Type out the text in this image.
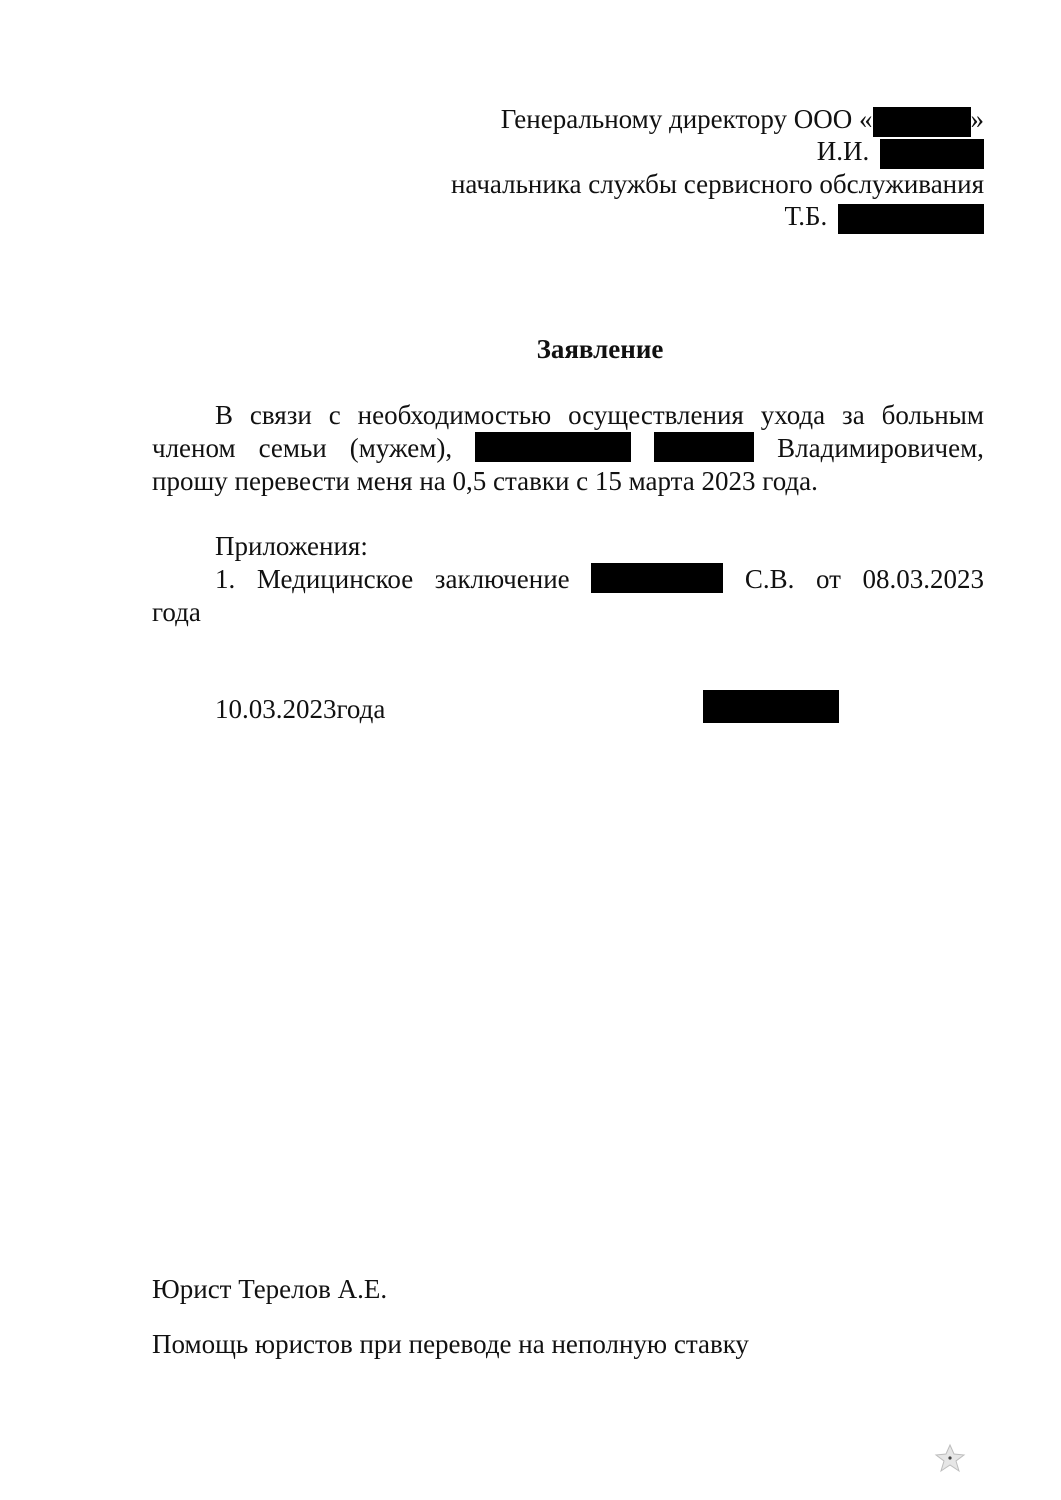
Генеральному директору ООО «	»
И.И.
начальника службы сервисного обслуживания
Т.Б.
Заявление
В связи с необходимостью осуществления ухода за больным
членом семьи (мужем),	Владимировичем,
прошу перевести меня на 0,5 ставки с 15 марта 2023 года.
Приложения:
1. Медицинское заключение	С.В. от 08.03.2023
года
10.03.2023года
Юрист Терелов А.Е.
Помощь юристов при переводе на неполную ставку
